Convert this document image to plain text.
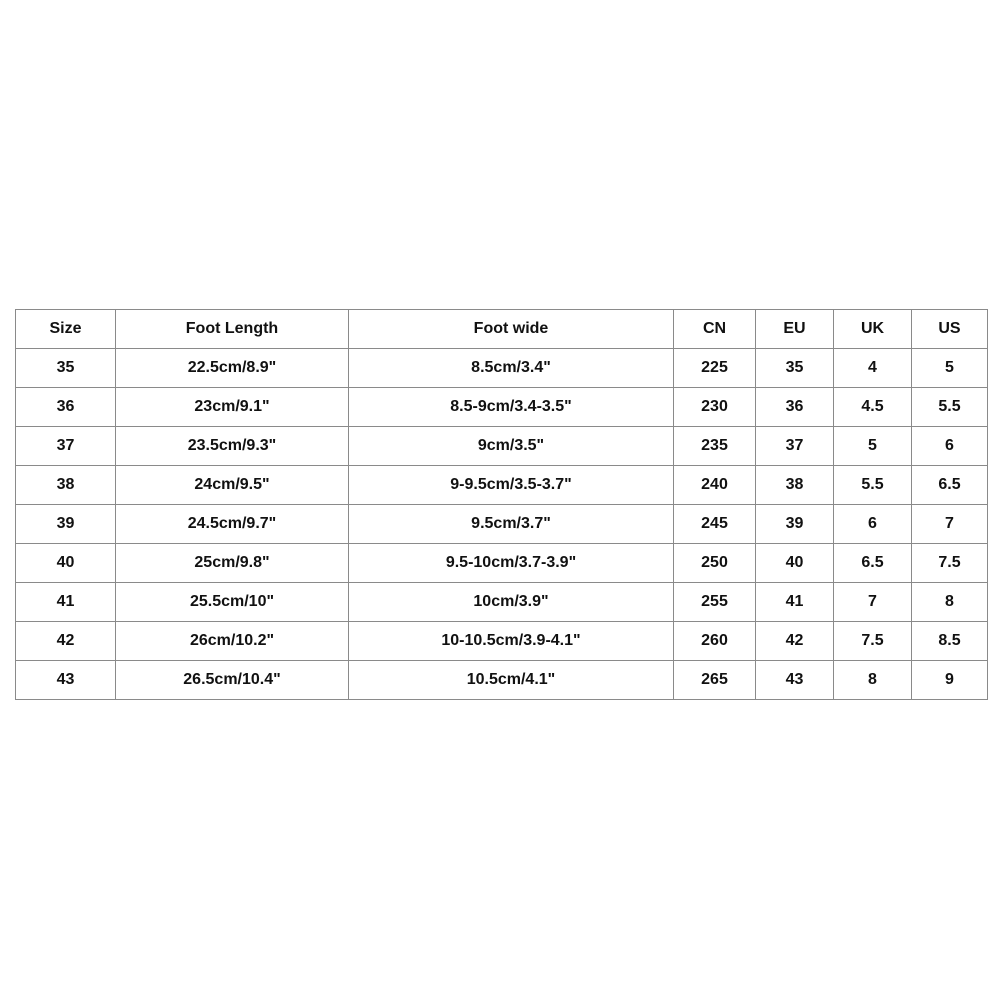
Size	Foot Length	Foot wide	CN	EU	UK	US
35	22.5cm/8.9"	8.5cm/3.4"	225	35	4	5
36	23cm/9.1"	8.5-9cm/3.4-3.5"	230	36	4.5	5.5
37	23.5cm/9.3"	9cm/3.5"	235	37	5	6
38	24cm/9.5"	9-9.5cm/3.5-3.7"	240	38	5.5	6.5
39	24.5cm/9.7"	9.5cm/3.7"	245	39	6	7
40	25cm/9.8"	9.5-10cm/3.7-3.9"	250	40	6.5	7.5
41	25.5cm/10"	10cm/3.9"	255	41	7	8
42	26cm/10.2"	10-10.5cm/3.9-4.1"	260	42	7.5	8.5
43	26.5cm/10.4"	10.5cm/4.1"	265	43	8	9
